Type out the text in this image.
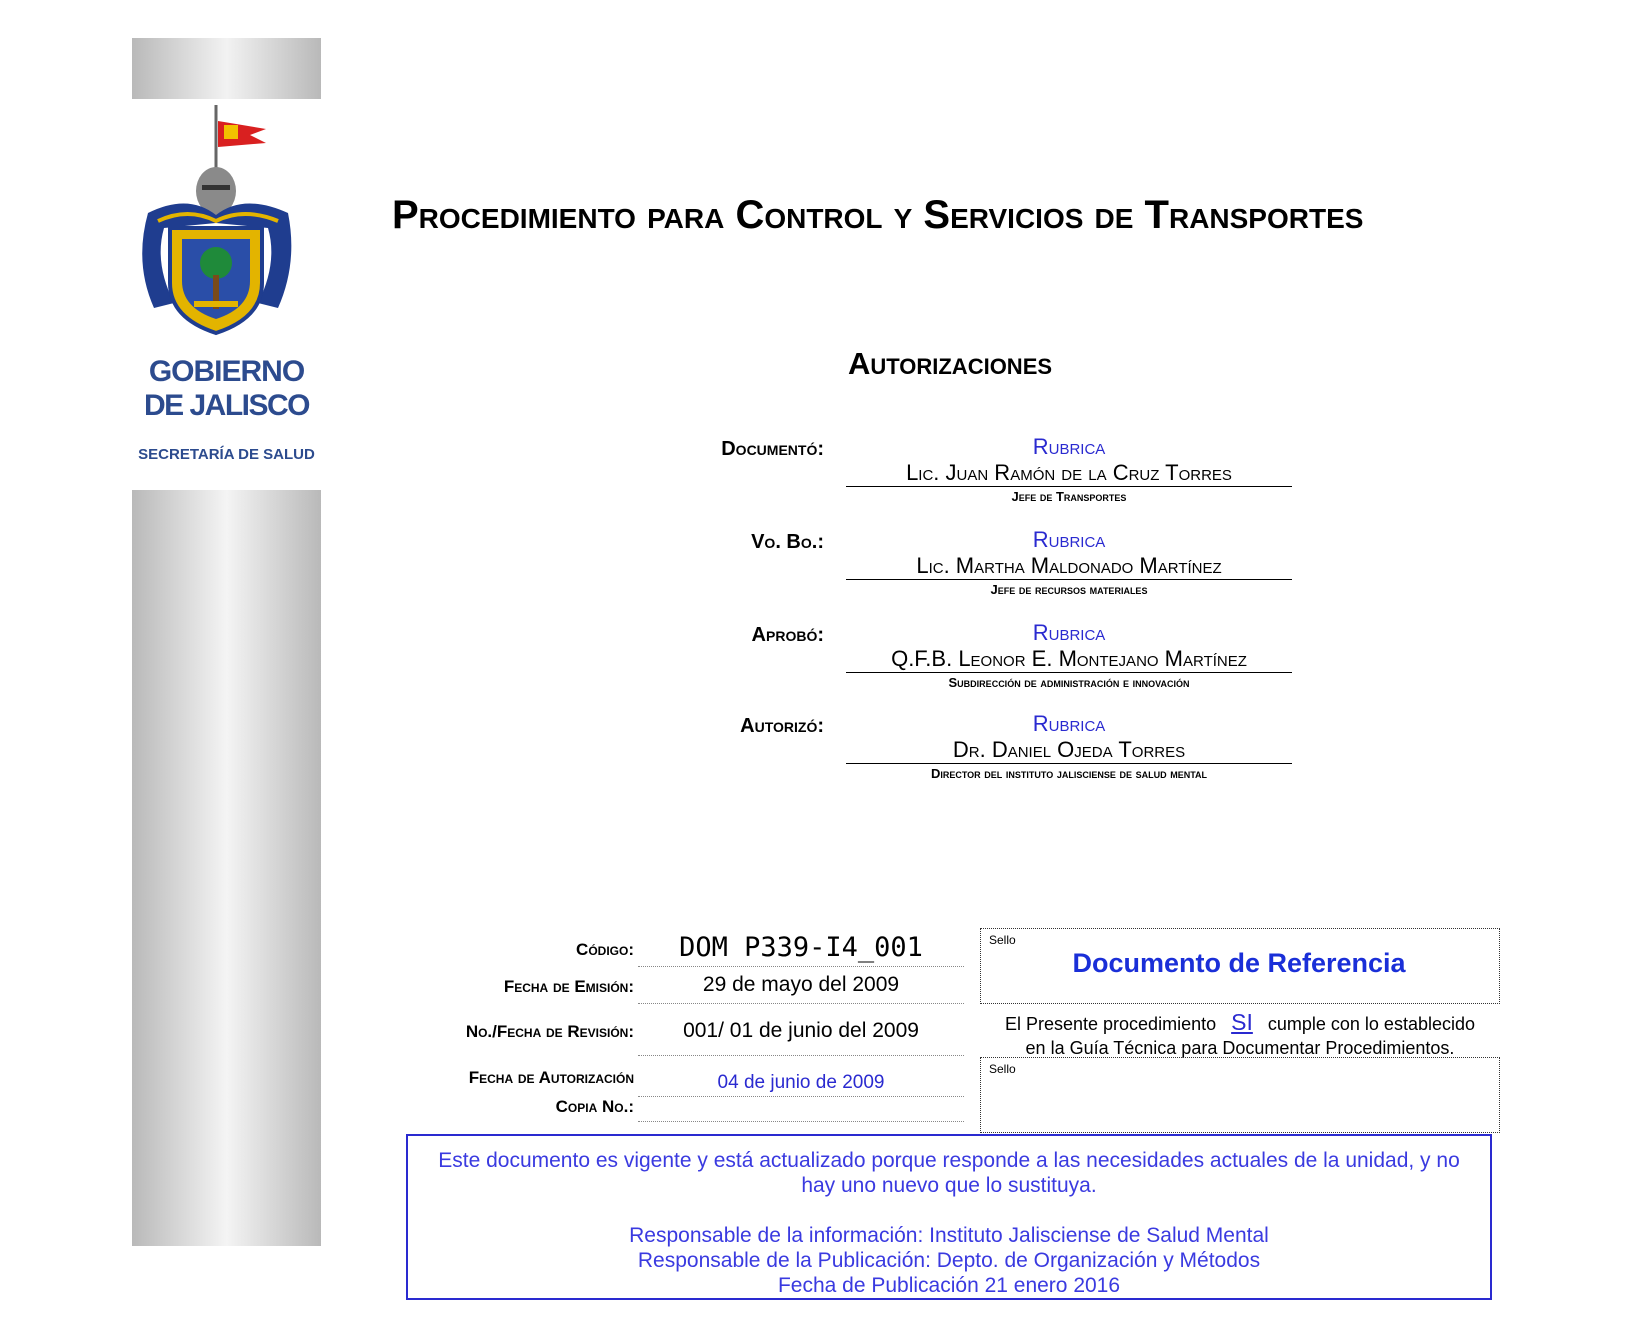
GOBIERNO
DE JALISCO
SECRETARÍA DE SALUD
Procedimiento para Control y Servicios de Transportes
Autorizaciones
Documentó:	Rubrica
Lic. Juan Ramón de la Cruz Torres
Jefe de Transportes
Vo. Bo.:	Rubrica
Lic. Martha Maldonado Martínez
Jefe de recursos materiales
Aprobó:	Rubrica
Q.F.B. Leonor E. Montejano Martínez
Subdirección de administración e innovación
Autorizó:	Rubrica
Dr. Daniel Ojeda Torres
Director del instituto jalisciense de salud mental
Código:	DOM P339-I4_001
Fecha de Emisión:	29 de mayo del 2009
No./Fecha de Revisión:	001/ 01 de junio del 2009
Fecha de Autorización	04 de junio de 2009
Copia No.:
Sello
Documento de Referencia
El Presente procedimiento SI cumple con lo establecido
en la Guía Técnica para Documentar Procedimientos.
Sello
Este documento es vigente y está actualizado porque responde a las necesidades actuales de la unidad, y no hay uno nuevo que lo sustituya.
Responsable de la información: Instituto Jalisciense de Salud Mental
Responsable de la Publicación: Depto. de Organización y Métodos
Fecha de Publicación 21 enero 2016
